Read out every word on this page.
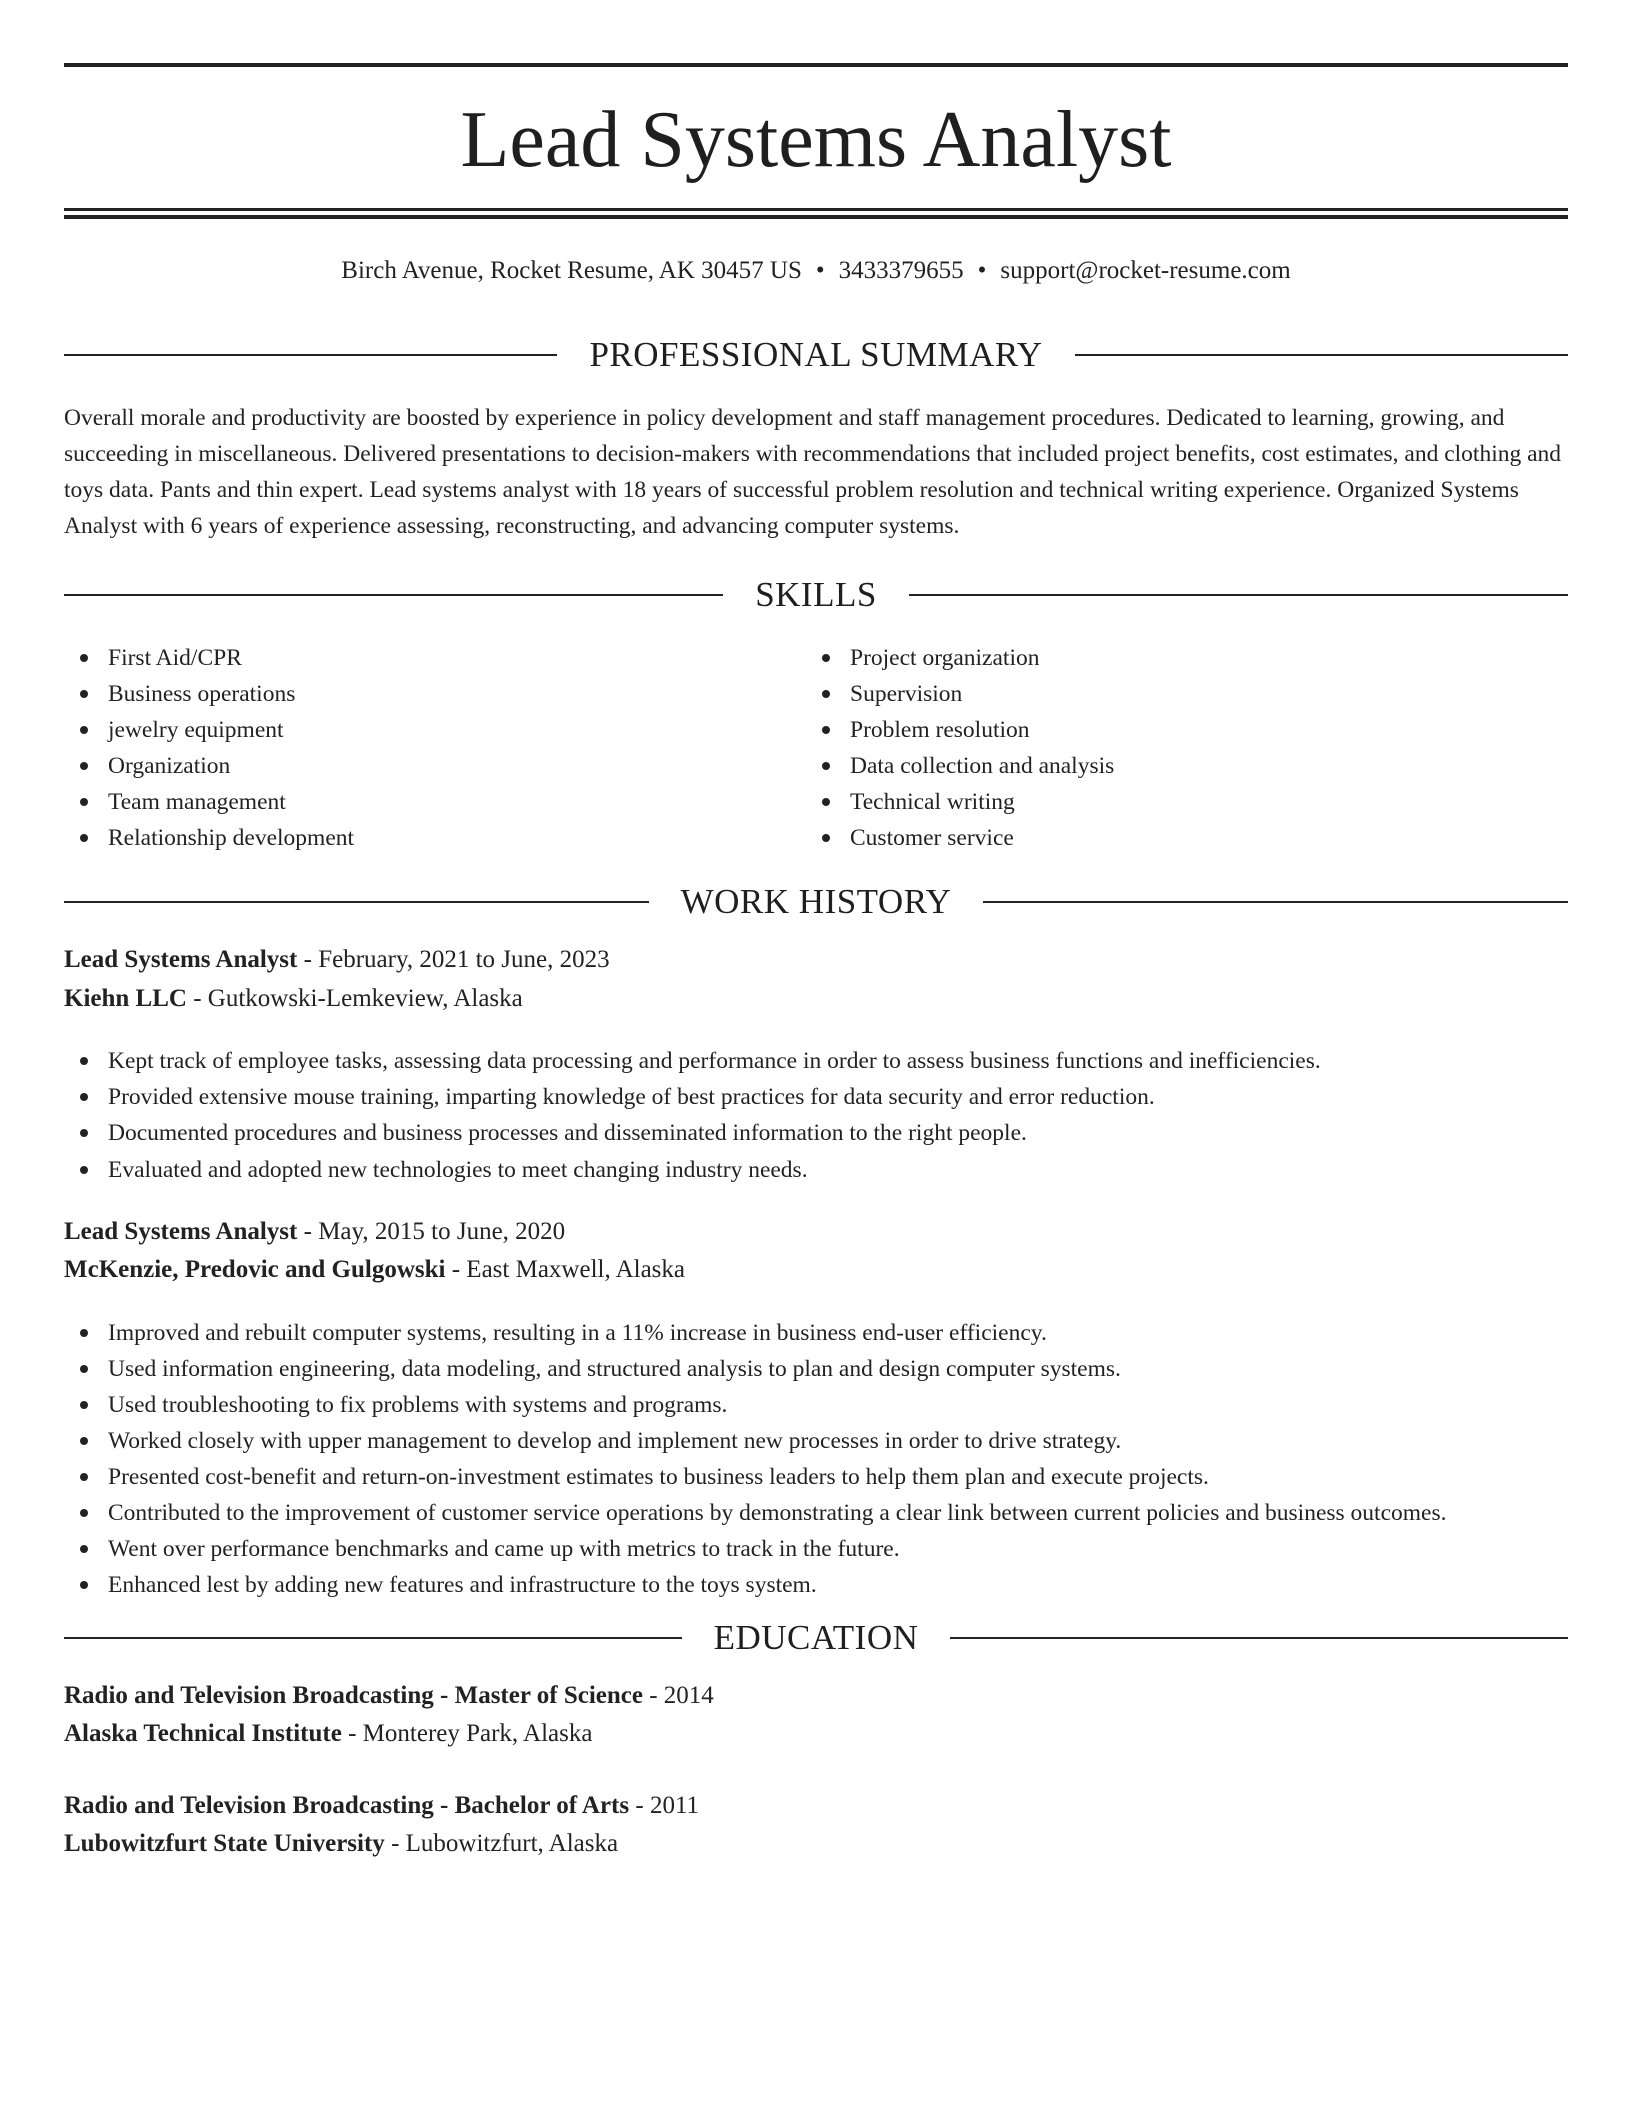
Lead Systems Analyst
Birch Avenue, Rocket Resume, AK 30457 US • 3433379655 • support@rocket-resume.com
PROFESSIONAL SUMMARY

Overall morale and productivity are boosted by experience in policy development and staff management procedures. Dedicated to learning, growing, and succeeding in miscellaneous. Delivered presentations to decision-makers with recommendations that included project benefits, cost estimates, and clothing and toys data. Pants and thin expert. Lead systems analyst with 18 years of successful problem resolution and technical writing experience. Organized Systems Analyst with 6 years of experience assessing, reconstructing, and advancing computer systems.

SKILLS
First Aid/CPR
Business operations
jewelry equipment
Organization
Team management
Relationship development
Project organization
Supervision
Problem resolution
Data collection and analysis
Technical writing
Customer service
WORK HISTORY
Lead Systems Analyst - February, 2021 to June, 2023
Kiehn LLC - Gutkowski-Lemkeview, Alaska
Kept track of employee tasks, assessing data processing and performance in order to assess business functions and inefficiencies.
Provided extensive mouse training, imparting knowledge of best practices for data security and error reduction.
Documented procedures and business processes and disseminated information to the right people.
Evaluated and adopted new technologies to meet changing industry needs.
Lead Systems Analyst - May, 2015 to June, 2020
McKenzie, Predovic and Gulgowski - East Maxwell, Alaska
Improved and rebuilt computer systems, resulting in a 11% increase in business end-user efficiency.
Used information engineering, data modeling, and structured analysis to plan and design computer systems.
Used troubleshooting to fix problems with systems and programs.
Worked closely with upper management to develop and implement new processes in order to drive strategy.
Presented cost-benefit and return-on-investment estimates to business leaders to help them plan and execute projects.
Contributed to the improvement of customer service operations by demonstrating a clear link between current policies and business outcomes.
Went over performance benchmarks and came up with metrics to track in the future.
Enhanced lest by adding new features and infrastructure to the toys system.
EDUCATION
Radio and Television Broadcasting - Master of Science - 2014
Alaska Technical Institute - Monterey Park, Alaska
Radio and Television Broadcasting - Bachelor of Arts - 2011
Lubowitzfurt State University - Lubowitzfurt, Alaska
